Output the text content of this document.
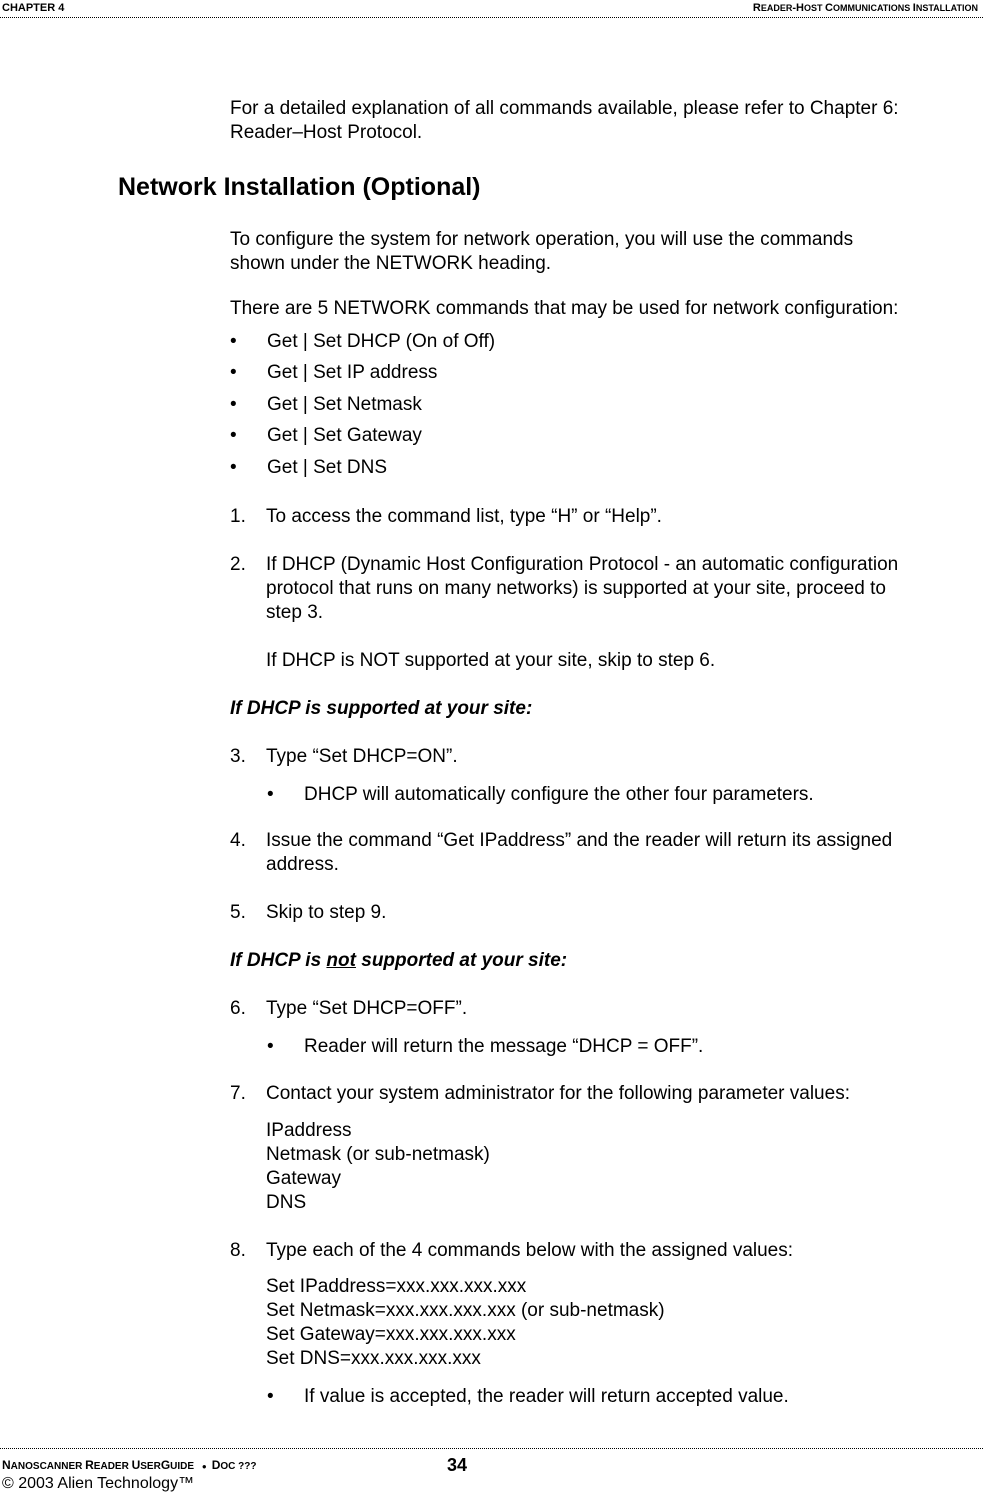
CHAPTER 4	READER-HOST COMMUNICATIONS INSTALLATION
For a detailed explanation of all commands available, please refer to Chapter 6:
Reader–Host Protocol.
Network Installation (Optional)
To configure the system for network operation, you will use the commands
shown under the NETWORK heading.
There are 5 NETWORK commands that may be used for network configuration:
•	Get | Set DHCP (On of Off)
•	Get | Set IP address
•	Get | Set Netmask
•	Get | Set Gateway
•	Get | Set DNS
1. To access the command list, type “H” or “Help”.
2. If DHCP (Dynamic Host Configuration Protocol - an automatic configuration
protocol that runs on many networks) is supported at your site, proceed to
step 3.
If DHCP is NOT supported at your site, skip to step 6.
If DHCP is supported at your site:
3. Type “Set DHCP=ON”.
• DHCP will automatically configure the other four parameters.
4. Issue the command “Get IPaddress” and the reader will return its assigned
address.
5. Skip to step 9.
If DHCP is not supported at your site:
6. Type “Set DHCP=OFF”.
• Reader will return the message “DHCP = OFF”.
7. Contact your system administrator for the following parameter values:
IPaddress
Netmask (or sub-netmask)
Gateway
DNS
8. Type each of the 4 commands below with the assigned values:
Set IPaddress=xxx.xxx.xxx.xxx
Set Netmask=xxx.xxx.xxx.xxx (or sub-netmask)
Set Gateway=xxx.xxx.xxx.xxx
Set DNS=xxx.xxx.xxx.xxx
• If value is accepted, the reader will return accepted value.
NANOSCANNER READER USERGUIDE ● DOC ???	34
© 2003 Alien Technology™
